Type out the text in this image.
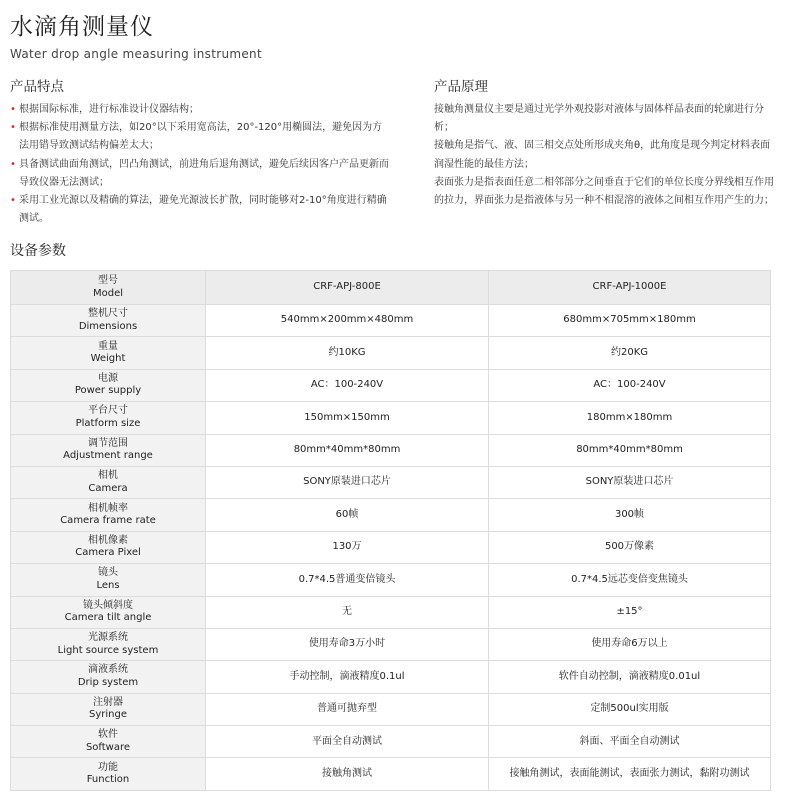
水滴角测量仪
Water drop angle measuring instrument
产品特点
• 根据国际标准，进行标准设计仪器结构；
• 根据标准使用测量方法，如20°以下采用宽高法，20°-120°用椭圆法，避免因为方法用错导致测试结构偏差太大；
• 具备测试曲面角测试，凹凸角测试，前进角后退角测试，避免后续因客户产品更新而导致仪器无法测试；
• 采用工业光源以及精确的算法，避免光源波长扩散，同时能够对2-10°角度进行精确测试。
产品原理

接触角测量仪主要是通过光学外观投影对液体与固体样品表面的轮廓进行分析；

接触角是指气、液、固三相交点处所形成夹角θ，此角度是现今判定材料表面润湿性能的最佳方法；

表面张力是指表面任意二相邻部分之间垂直于它们的单位长度分界线相互作用的拉力，界面张力是指液体与另一种不相混溶的液体之间相互作用产生的力；

设备参数
型号
Model	CRF-APJ-800E	CRF-APJ-1000E

整机尺寸
Dimensions	540mm×200mm×480mm	680mm×705mm×180mm

重量
Weight	约10KG	约20KG

电源
Power supply	AC：100-240V	AC：100-240V

平台尺寸
Platform size	150mm×150mm	180mm×180mm

调节范围
Adjustment range	80mm*40mm*80mm	80mm*40mm*80mm

相机
Camera	SONY原装进口芯片	SONY原装进口芯片

相机帧率
Camera frame rate	60帧	300帧

相机像素
Camera Pixel	130万	500万像素

镜头
Lens	0.7*4.5普通变倍镜头	0.7*4.5远芯变倍变焦镜头

镜头倾斜度
Camera tilt angle	无	±15°

光源系统
Light source system	使用寿命3万小时	使用寿命6万以上

滴液系统
Drip system	手动控制，滴液精度0.1ul	软件自动控制，滴液精度0.01ul

注射器
Syringe	普通可抛弃型	定制500ul实用版

软件
Software	平面全自动测试	斜面、平面全自动测试

功能
Function	接触角测试	接触角测试，表面能测试，表面张力测试，黏附功测试
